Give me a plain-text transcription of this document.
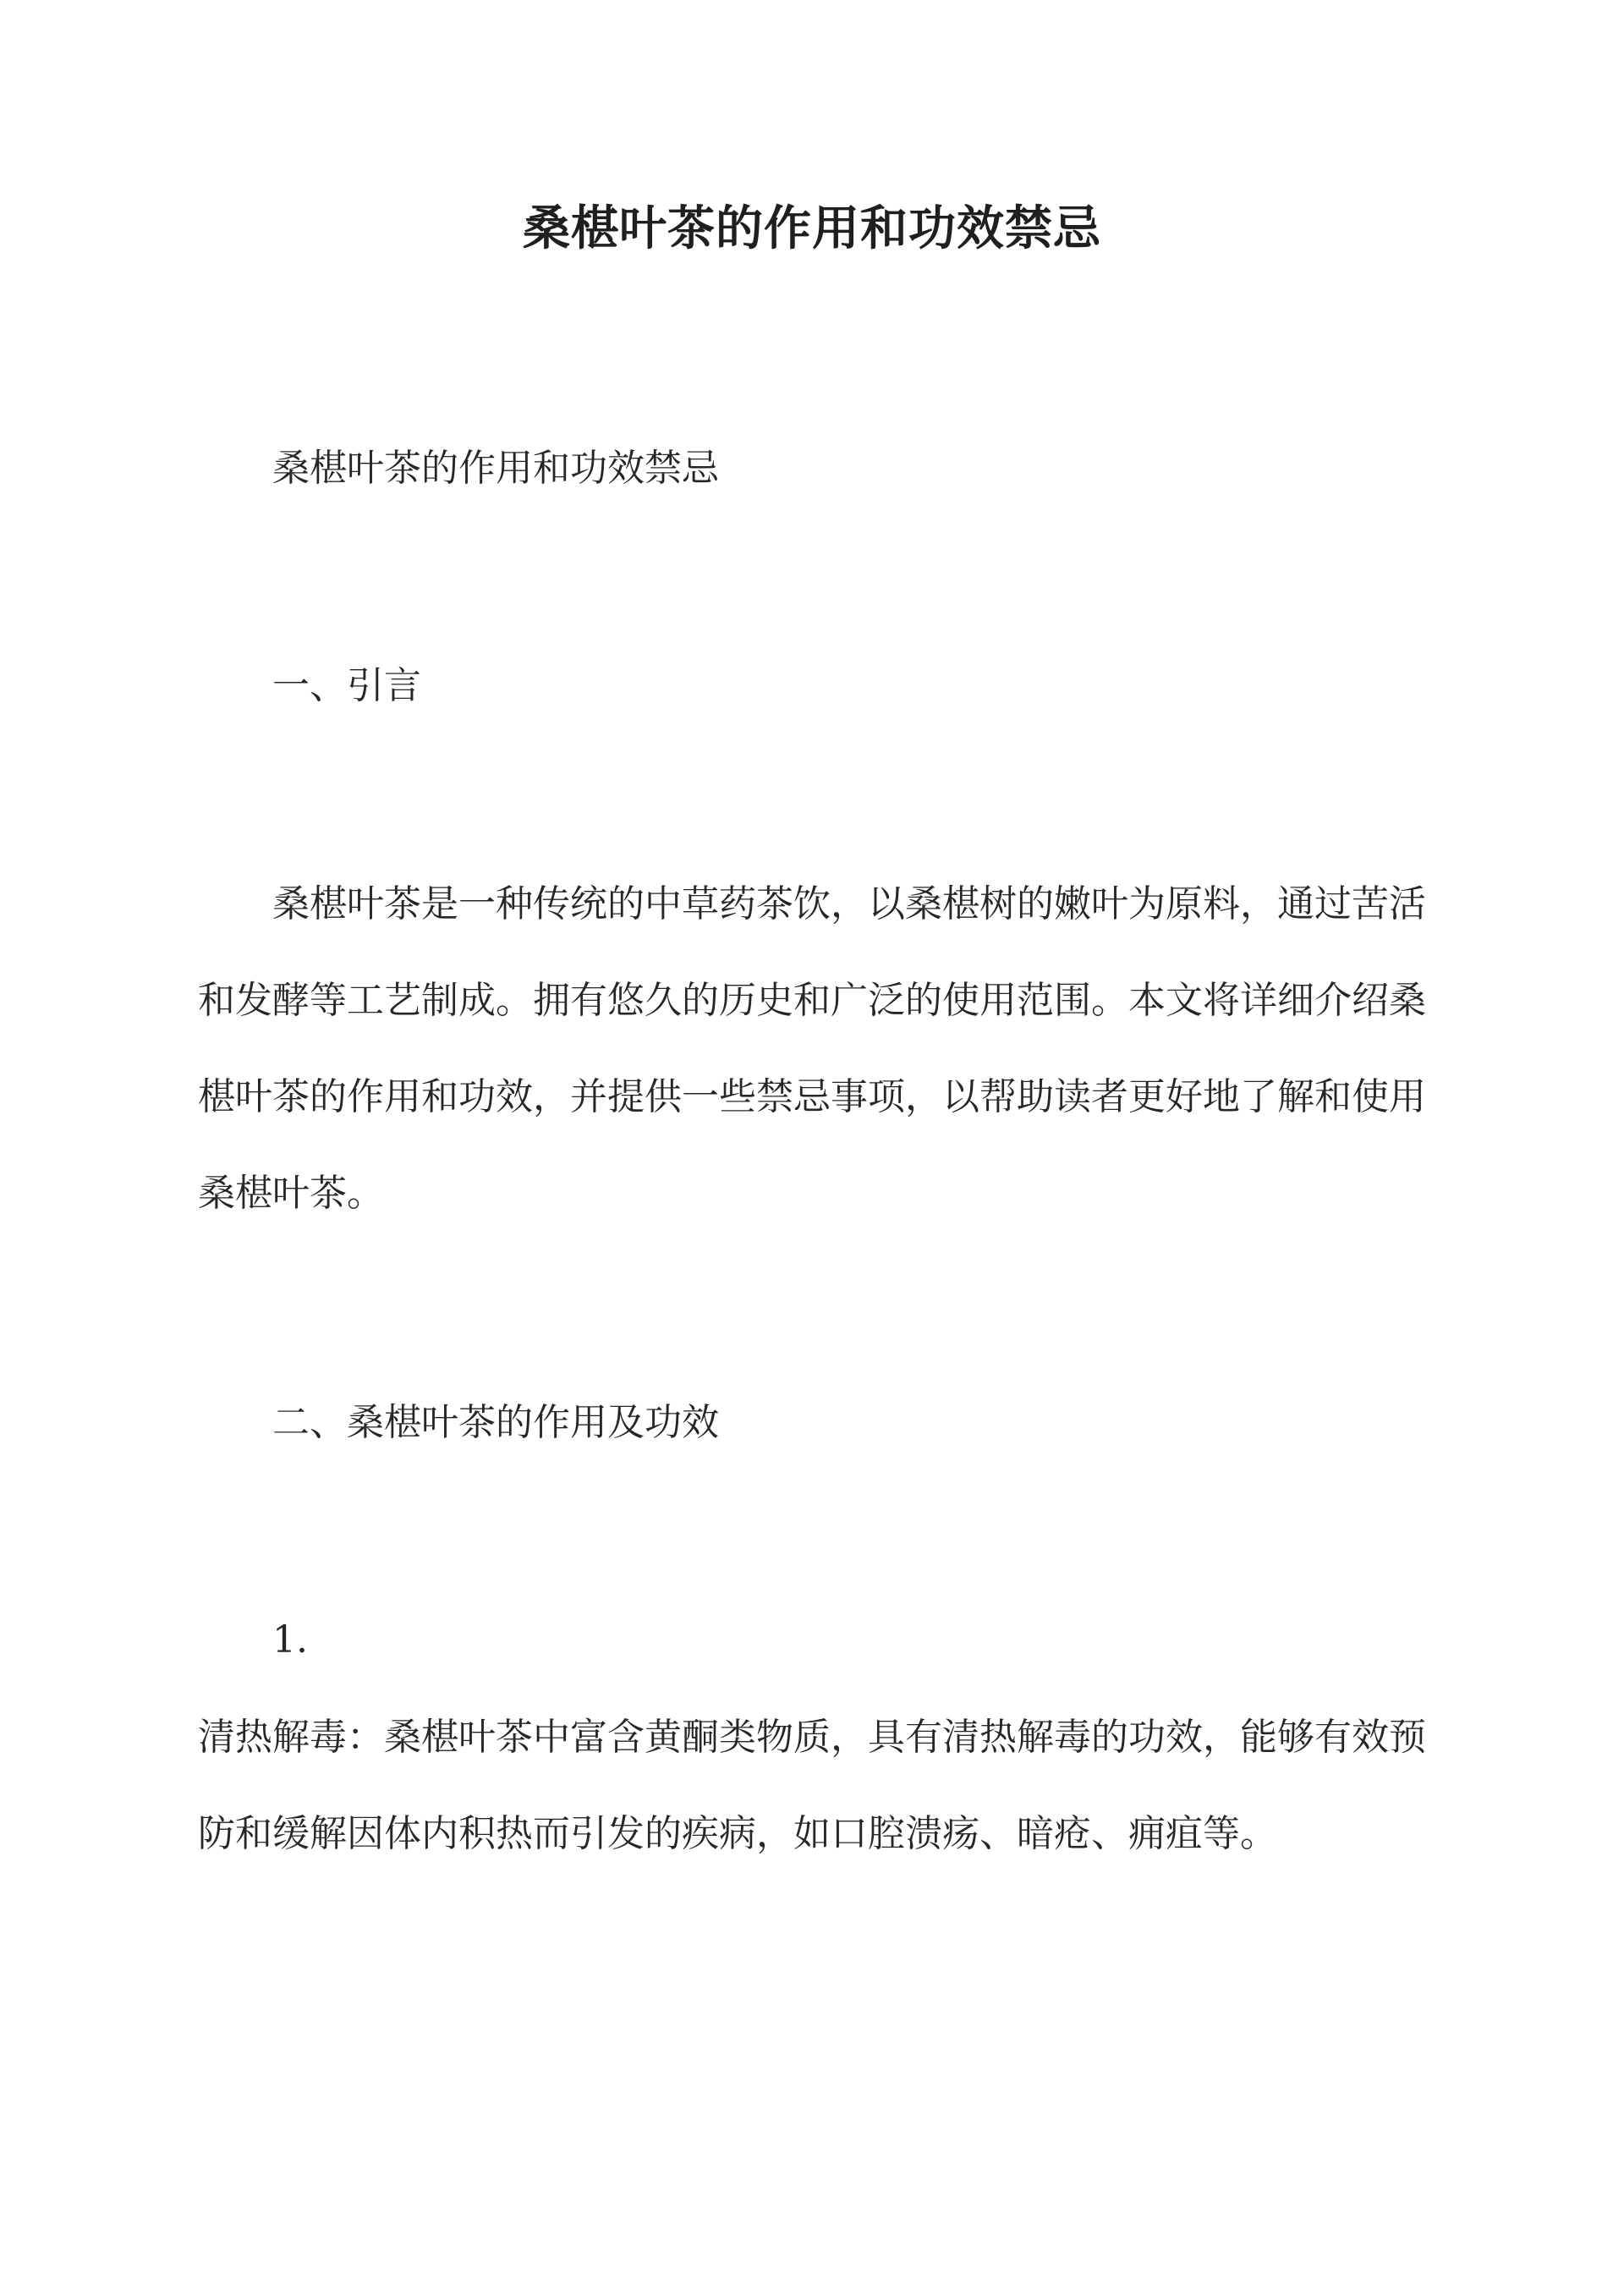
桑椹叶茶的作用和功效禁忌
桑椹叶茶的作用和功效禁忌
一、引言
桑椹叶茶是一种传统的中草药茶饮，以桑椹树的嫩叶为原料，通过苦活和发酵等工艺制成。拥有悠久的历史和广泛的使用范围。本文将详细介绍桑椹叶茶的作用和功效，并提供一些禁忌事项，以帮助读者更好地了解和使用桑椹叶茶。
二、桑椹叶茶的作用及功效
1.
清热解毒：桑椹叶茶中富含黄酮类物质，具有清热解毒的功效，能够有效预防和缓解因体内积热而引发的疾病，如口腔溃疡、暗疮、痈疽等。
